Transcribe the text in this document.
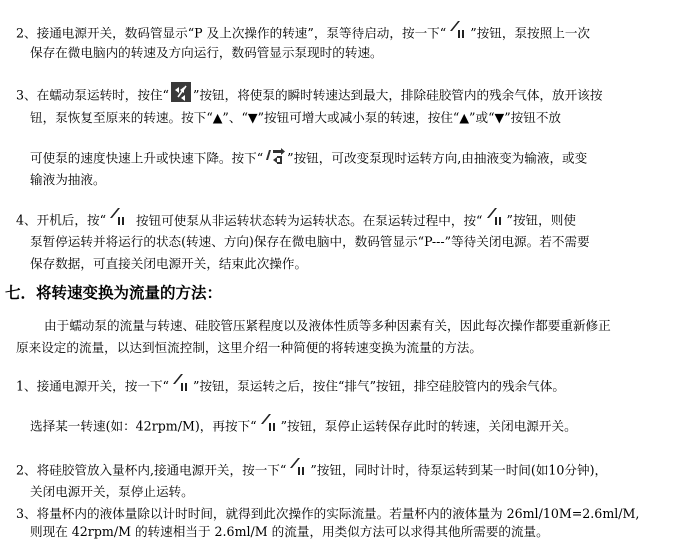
2、接通电源开关，数码管显示“P 及上次操作的转速”，泵等待启动，按一下“ ”按钮，泵按照上一次
保存在微电脑内的转速及方向运行，数码管显示泵现时的转速。
3、在蠕动泵运转时，按住“ ”按钮，将使泵的瞬时转速达到最大，排除硅胶管内的残余气体，放开该按
钮，泵恢复至原来的转速。按下“▲”、“▼”按钮可增大或减小泵的转速，按住“▲”或“▼”按钮不放
可使泵的速度快速上升或快速下降。按下“ ”按钮，可改变泵现时运转方向,由抽液变为输液，或变
输液为抽液。
4、开机后，按“ 按钮可使泵从非运转状态转为运转状态。在泵运转过程中，按“ ”按钮，则使
泵暂停运转并将运行的状态(转速、方向)保存在微电脑中，数码管显示“P---”等待关闭电源。若不需要
保存数据，可直接关闭电源开关，结束此次操作。
七．将转速变换为流量的方法：
由于蠕动泵的流量与转速、硅胶管压紧程度以及液体性质等多种因素有关，因此每次操作都要重新修正
原来设定的流量，以达到恒流控制，这里介绍一种简便的将转速变换为流量的方法。
1、接通电源开关，按一下“ ”按钮，泵运转之后，按住“排气”按钮，排空硅胶管内的残余气体。
选择某一转速(如：42rpm/M)，再按下“ ”按钮，泵停止运转保存此时的转速，关闭电源开关。
2、将硅胶管放入量杯内,接通电源开关，按一下“ ”按钮，同时计时，待泵运转到某一时间(如10分钟)，
关闭电源开关，泵停止运转。
3、将量杯内的液体量除以计时时间，就得到此次操作的实际流量。若量杯内的液体量为 26ml/10M=2.6ml/M,
则现在 42rpm/M 的转速相当于 2.6ml/M 的流量，用类似方法可以求得其他所需要的流量。
